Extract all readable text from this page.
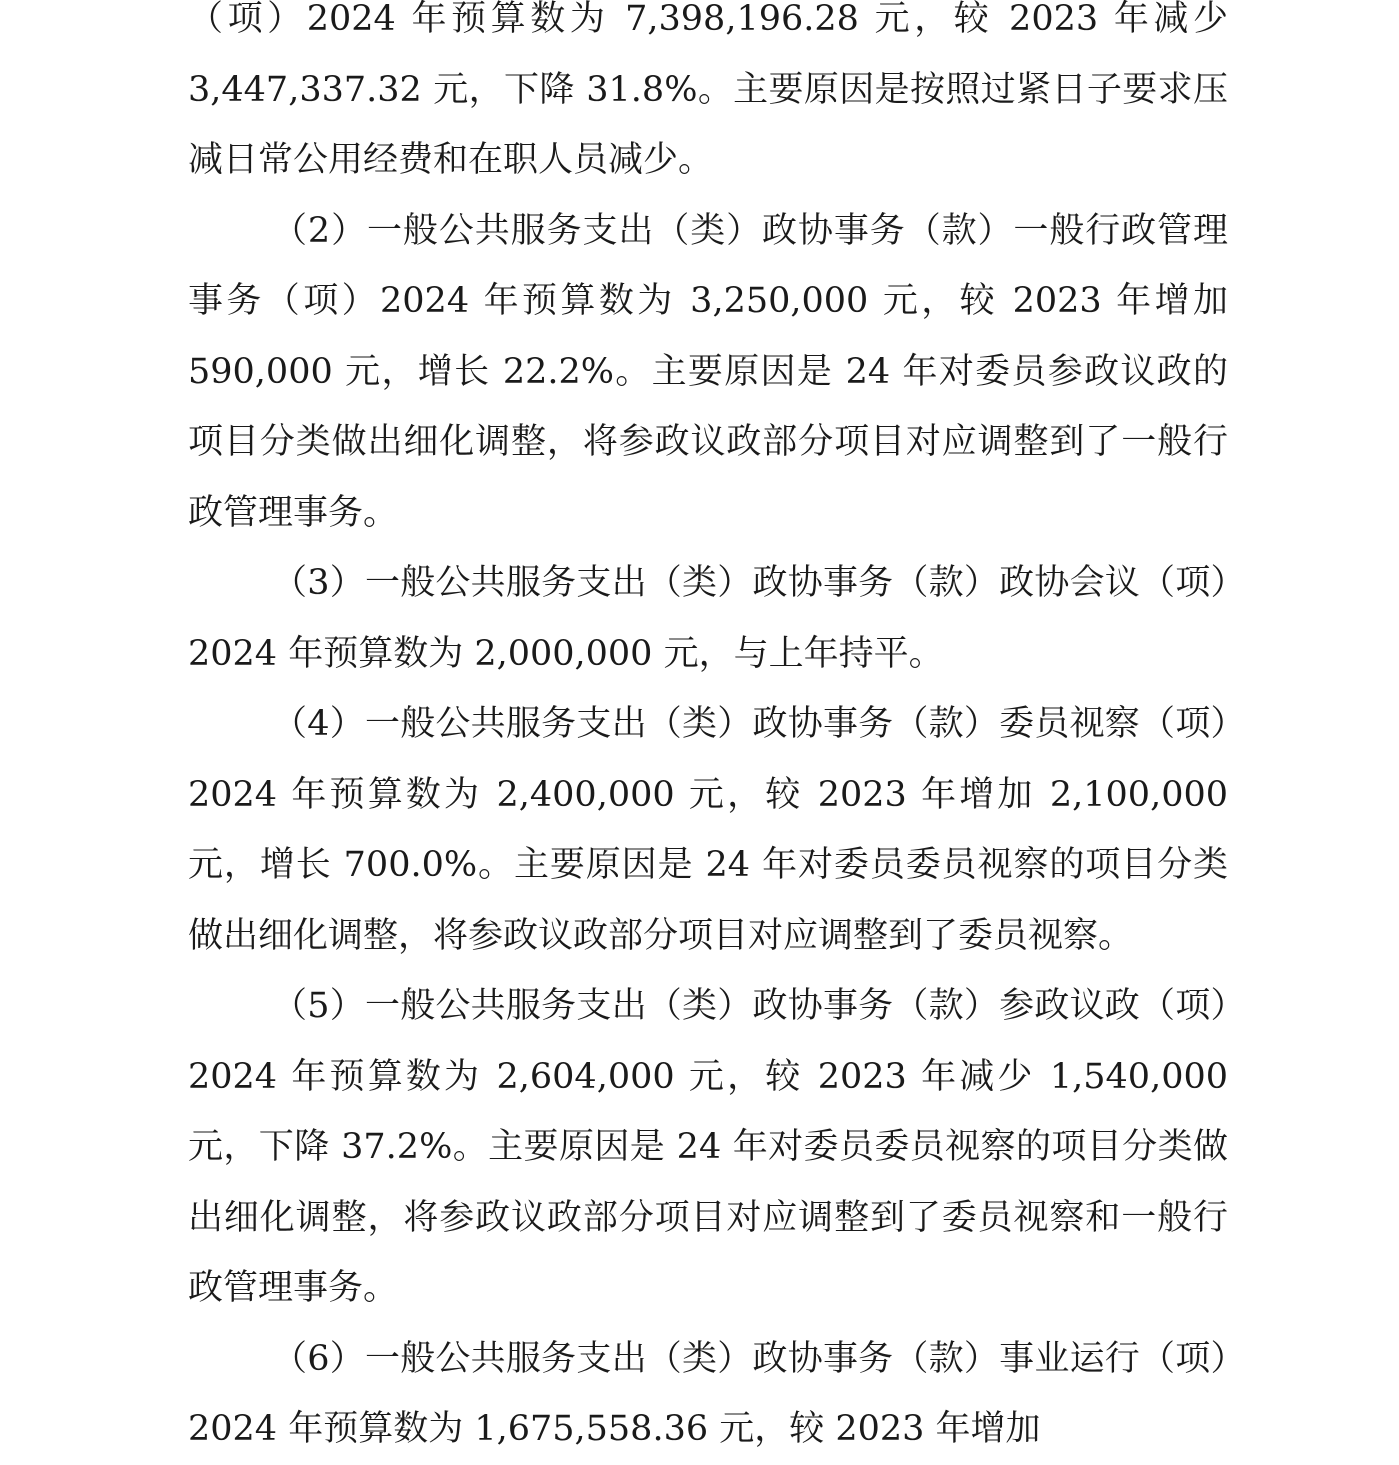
（项）2024 年预算数为 7,398,196.28 元，较 2023 年减少 3,447,337.32 元，下降 31.8%。主要原因是按照过紧日子要求压减日常公用经费和在职人员减少。

（2）一般公共服务支出（类）政协事务（款）一般行政管理事务（项）2024 年预算数为 3,250,000 元，较 2023 年增加 590,000 元，增长 22.2%。主要原因是 24 年对委员参政议政的项目分类做出细化调整，将参政议政部分项目对应调整到了一般行政管理事务。

（3）一般公共服务支出（类）政协事务（款）政协会议（项）2024 年预算数为 2,000,000 元，与上年持平。

（4）一般公共服务支出（类）政协事务（款）委员视察（项）2024 年预算数为 2,400,000 元，较 2023 年增加 2,100,000 元，增长 700.0%。主要原因是 24 年对委员委员视察的项目分类做出细化调整，将参政议政部分项目对应调整到了委员视察。

（5）一般公共服务支出（类）政协事务（款）参政议政（项）2024 年预算数为 2,604,000 元，较 2023 年减少 1,540,000 元，下降 37.2%。主要原因是 24 年对委员委员视察的项目分类做出细化调整，将参政议政部分项目对应调整到了委员视察和一般行政管理事务。

（6）一般公共服务支出（类）政协事务（款）事业运行（项）2024 年预算数为 1,675,558.36 元，较 2023 年增加
